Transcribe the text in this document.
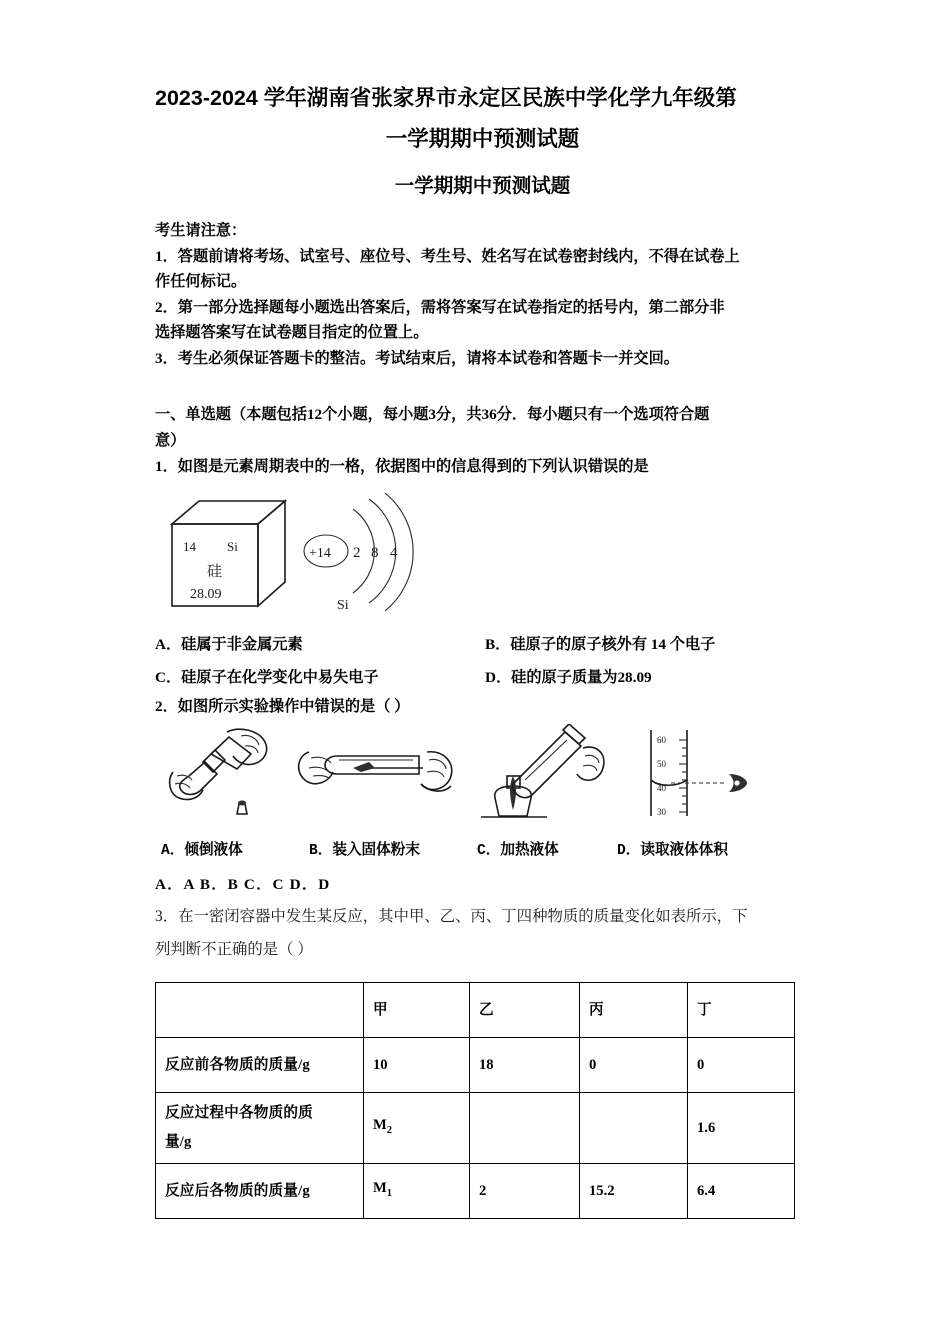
2023-2024 学年湖南省张家界市永定区民族中学化学九年级第
一学期期中预测试题
一学期期中预测试题

考生请注意：

1．答题前请将考场、试室号、座位号、考生号、姓名写在试卷密封线内，不得在试卷上

作任何标记。

2．第一部分选择题每小题选出答案后，需将答案写在试卷指定的括号内，第二部分非

选择题答案写在试卷题目指定的位置上。

3．考生必须保证答题卡的整洁。考试结束后，请将本试卷和答题卡一并交回。

一、单选题（本题包括12个小题，每小题3分，共36分．每小题只有一个选项符合题
意）

1．如图是元素周期表中的一格，依据图中的信息得到的下列认识错误的是

14 Si
硅
28.09
+14 2 8 4
Si
A．硅属于非金属元素	B．硅原子的原子核外有 14 个电子
C．硅原子在化学变化中易失电子	D．硅的原子质量为28.09

2．如图所示实验操作中错误的是（ ）

60
50
40
30
A．倾倒液体	B．装入固体粉末	C．加热液体	D．读取液体体积
A．A B．B C．C D．D

3．在一密闭容器中发生某反应，其中甲、乙、丙、丁四种物质的质量变化如表所示，下

列判断不正确的是（ ）

	甲	乙	丙	丁
反应前各物质的质量/g	10	18	0	0
反应过程中各物质的质
量/g	$M_2$			1.6
反应后各物质的质量/g	$M_1$	2	15.2	6.4
